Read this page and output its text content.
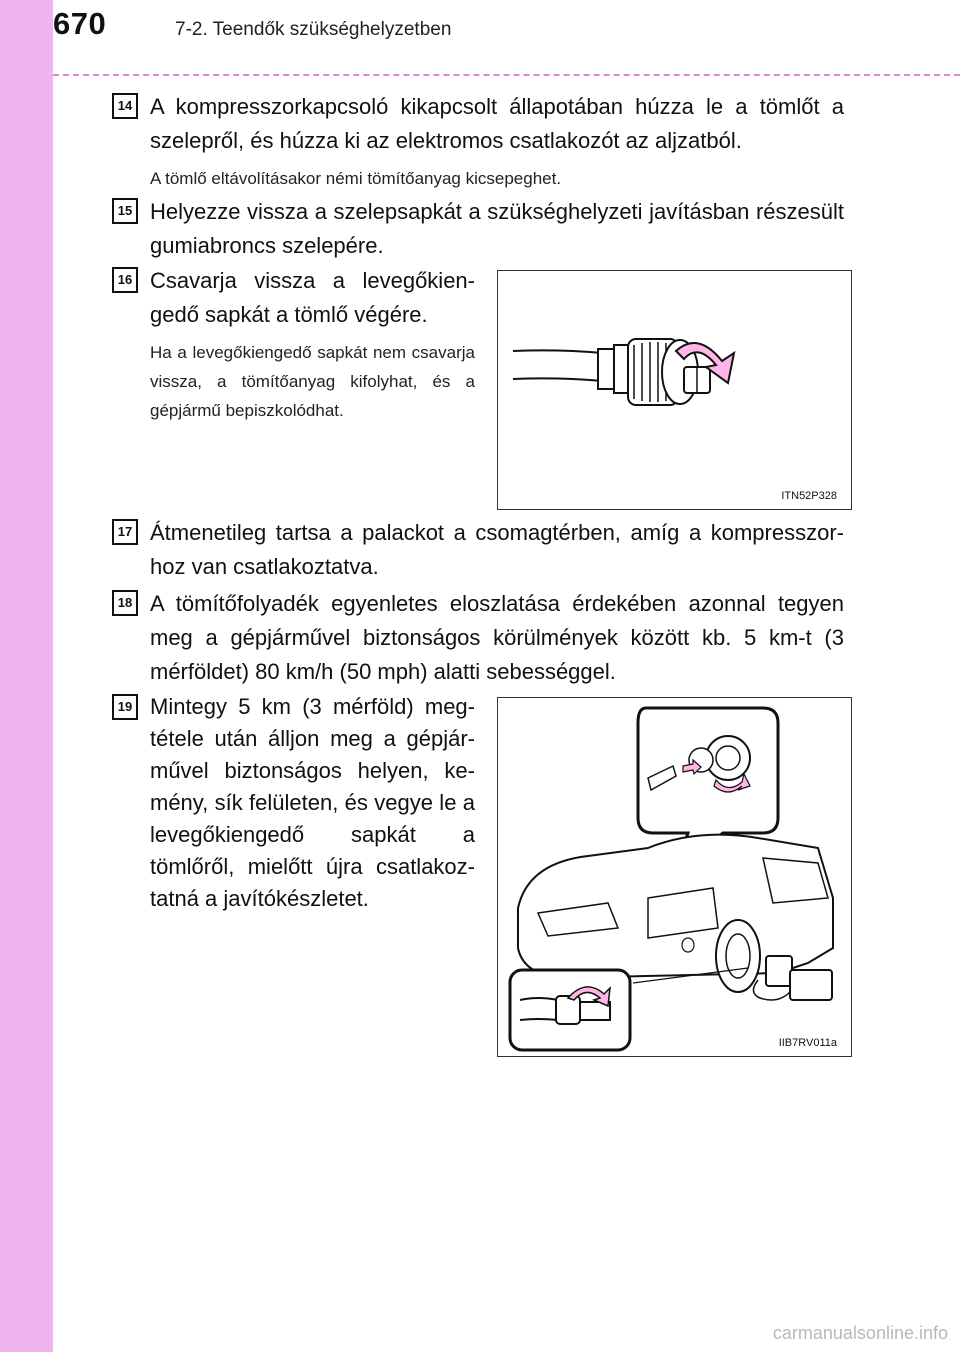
670	7-2. Teendők szükséghelyzetben
14 A kompresszorkapcsoló kikapcsolt állapotában húzza le a tömlőt a szelepről, és húzza ki az elektromos csatlakozót az aljzatból.
A tömlő eltávolításakor némi tömítőanyag kicsepeghet.
15 Helyezze vissza a szelepsapkát a szükséghelyzeti javításban részesült gumiabroncs szelepére.
16 Csavarja vissza a levegőkiengedő sapkát a tömlő végére.
Ha a levegőkiengedő sapkát nem csavarja vissza, a tömítőanyag kifolyhat, és a gépjármű bepiszkolódhat.
ITN52P328
17 Átmenetileg tartsa a palackot a csomagtérben, amíg a kompresszorhoz van csatlakoztatva.
18 A tömítőfolyadék egyenletes eloszlatása érdekében azonnal tegyen meg a gépjárművel biztonságos körülmények között kb. 5 km-t (3 mérföldet) 80 km/h (50 mph) alatti sebességgel.
19 Mintegy 5 km (3 mérföld) megtétele után álljon meg a gépjárművel biztonságos helyen, kemény, sík felületen, és vegye le a levegőkiengedő sapkát a tömlőről, mielőtt újra csatlakoztatná a javítókészletet.
IIB7RV011a
carmanualsonline.info
